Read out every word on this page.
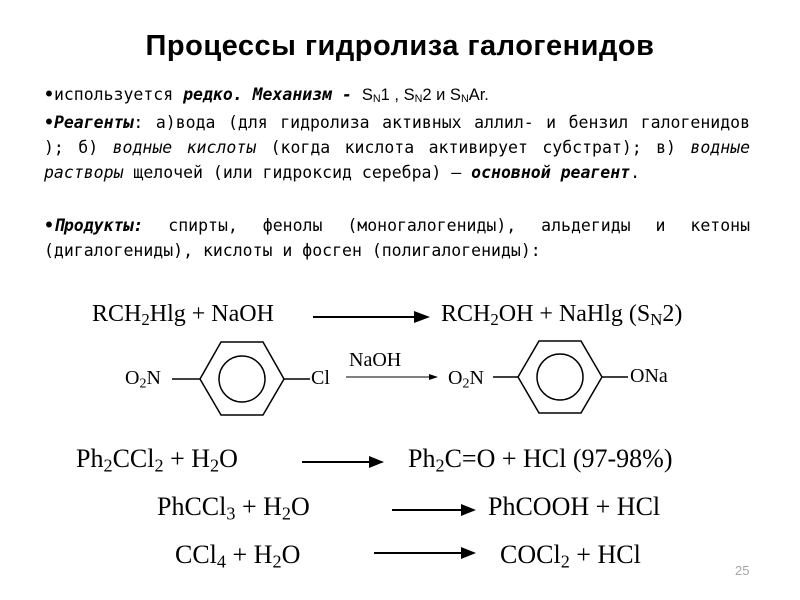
Процессы гидролиза галогенидов
•используется редко. Механизм - $S_N1$ , $S_N2$ и $S_NAr$.
•Реагенты: а)вода (для гидролиза активных аллил- и бензил галогенидов ); б) водные кислоты (когда кислота активирует субстрат); в) водные растворы щелочей (или гидроксид серебра) – основной реагент.
•Продукты: спирты, фенолы (моногалогениды), альдегиды и кетоны (дигалогениды), кислоты и фосген (полигалогениды):
$RCH_2Hlg$ + NaOH	$RCH_2OH + NaHlg$ $(S_N2)$
$O_2N$	Cl
NaOH
$O_2N$	ONa
$Ph_2CCl_2 + H_2O$	$Ph_2C=O$ + HCl (97-98%)
PhCCl$_3$ + $H_2O$	PhCOOH + HCl
$CCl_4 + H_2O$	COCl$_2$ + HCl
25
